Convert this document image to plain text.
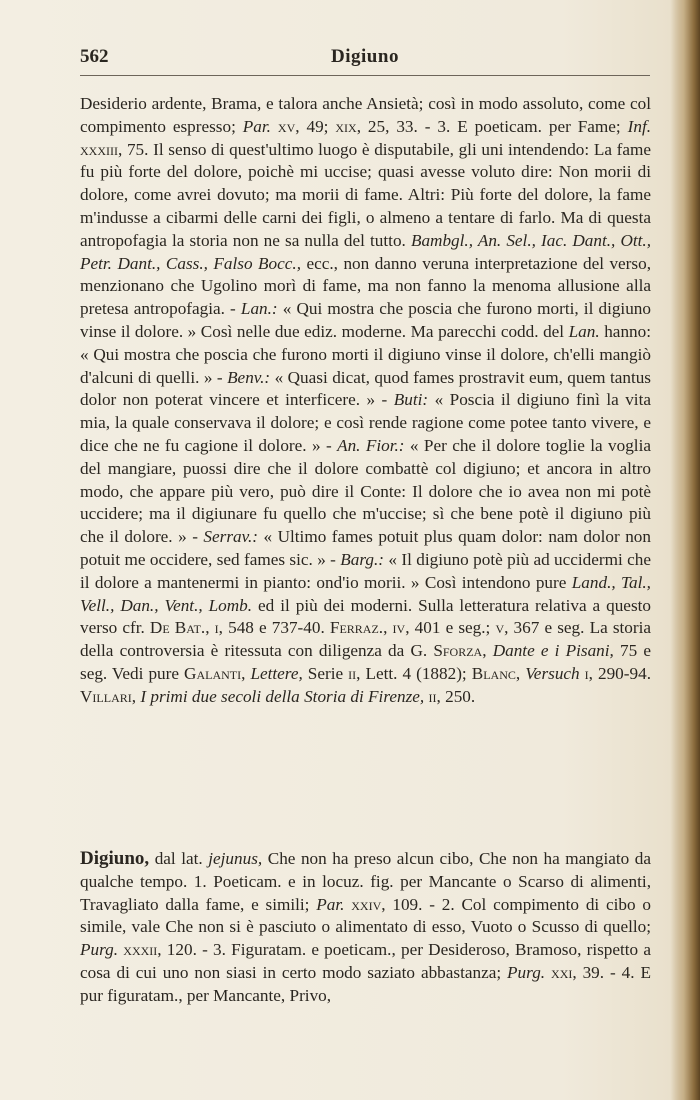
562	Digiuno

Desiderio ardente, Brama, e talora anche Ansietà; così in modo assoluto, come col compimento espresso; Par. xv, 49; xix, 25, 33. - 3. E poeticam. per Fame; Inf. xxxiii, 75. Il senso di quest'ultimo luogo è disputabile, gli uni intendendo: La fame fu più forte del dolore, poichè mi uccise; quasi avesse voluto dire: Non morii di dolore, come avrei dovuto; ma morii di fame. Altri: Più forte del dolore, la fame m'indusse a cibarmi delle carni dei figli, o almeno a tentare di farlo. Ma di questa antropofagia la storia non ne sa nulla del tutto. Bambgl., An. Sel., Iac. Dant., Ott., Petr. Dant., Cass., Falso Bocc., ecc., non danno veruna interpretazione del verso, menzionano che Ugolino morì di fame, ma non fanno la menoma allusione alla pretesa antropofagia. - Lan.: « Qui mostra che poscia che furono morti, il digiuno vinse il dolore. » Così nelle due ediz. moderne. Ma parecchi codd. del Lan. hanno: « Qui mostra che poscia che furono morti il digiuno vinse il dolore, ch'elli mangiò d'alcuni di quelli. » - Benv.: « Quasi dicat, quod fames prostravit eum, quem tantus dolor non poterat vincere et interficere. » - Buti: « Poscia il digiuno finì la vita mia, la quale conservava il dolore; e così rende ragione come potee tanto vivere, e dice che ne fu cagione il dolore. » - An. Fior.: « Per che il dolore toglie la voglia del mangiare, puossi dire che il dolore combattè col digiuno; et ancora in altro modo, che appare più vero, può dire il Conte: Il dolore che io avea non mi potè uccidere; ma il digiunare fu quello che m'uccise; sì che bene potè il digiuno più che il dolore. » - Serrav.: « Ultimo fames potuit plus quam dolor: nam dolor non potuit me occidere, sed fames sic. » - Barg.: « Il digiuno potè più ad uccidermi che il dolore a mantenermi in pianto: ond'io morii. » Così intendono pure Land., Tal., Vell., Dan., Vent., Lomb. ed il più dei moderni. Sulla letteratura relativa a questo verso cfr. De Bat., i, 548 e 737-40. Ferraz., iv, 401 e seg.; v, 367 e seg. La storia della controversia è ritessuta con diligenza da G. Sforza, Dante e i Pisani, 75 e seg. Vedi pure Galanti, Lettere, Serie ii, Lett. 4 (1882); Blanc, Versuch i, 290-94. Villari, I primi due secoli della Storia di Firenze, ii, 250.

Digiuno, dal lat. jejunus, Che non ha preso alcun cibo, Che non ha mangiato da qualche tempo. 1. Poeticam. e in locuz. fig. per Mancante o Scarso di alimenti, Travagliato dalla fame, e simili; Par. xxiv, 109. - 2. Col compimento di cibo o simile, vale Che non si è pasciuto o alimentato di esso, Vuoto o Scusso di quello; Purg. xxxii, 120. - 3. Figuratam. e poeticam., per Desideroso, Bramoso, rispetto a cosa di cui uno non siasi in certo modo saziato abbastanza; Purg. xxi, 39. - 4. E pur figuratam., per Mancante, Privo,
